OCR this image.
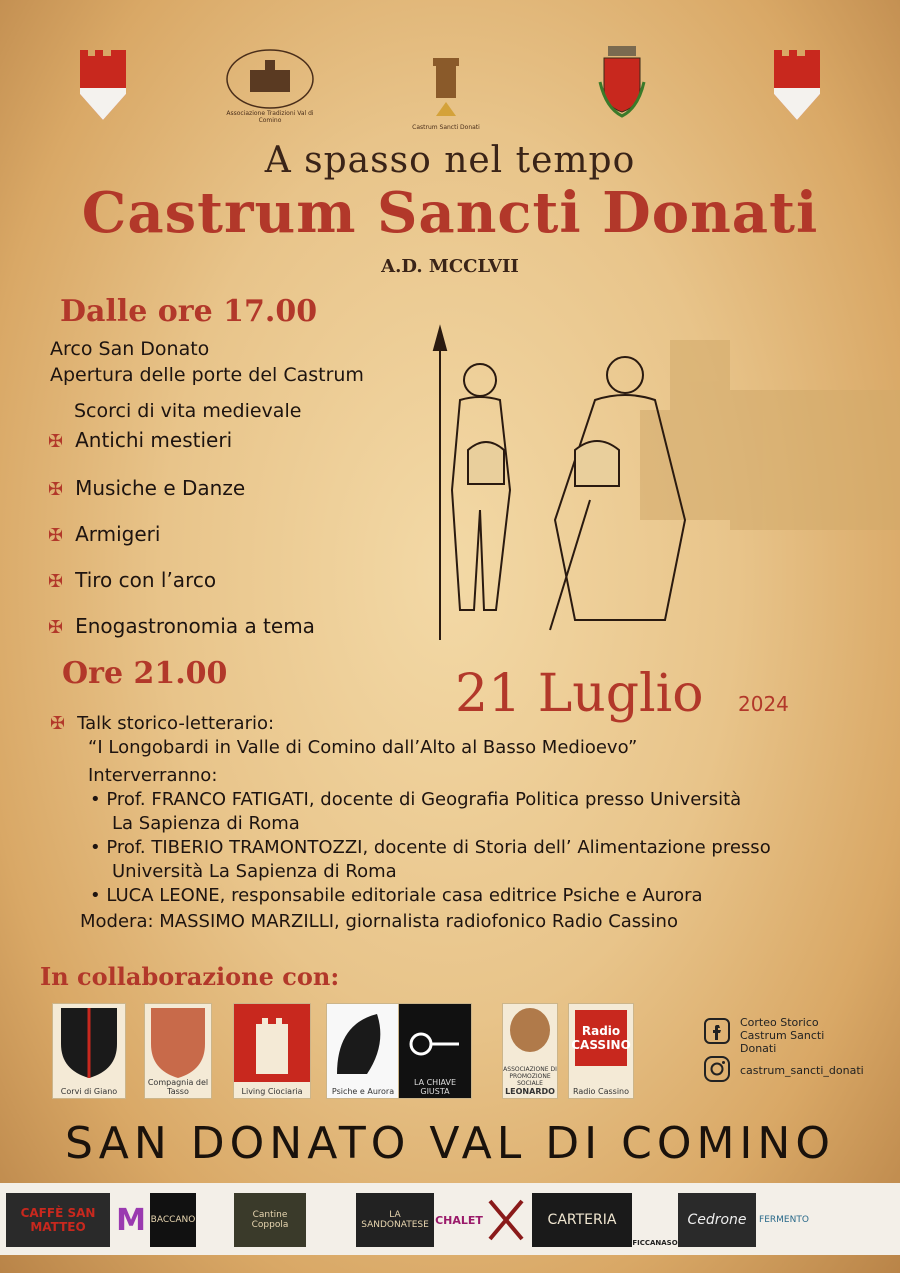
Associazione Tradizioni Val di Comino
Castrum Sancti Donati
A spasso nel tempo
Castrum Sancti Donati
A.D. MCCLVII
Dalle ore 17.00
Arco San Donato
Apertura delle porte del Castrum
Scorci di vita medievale
✠ Antichi mestieri
✠ Musiche e Danze
✠ Armigeri
✠ Tiro con l’arco
✠ Enogastronomia a tema
Ore 21.00	21 Luglio 2024
✠ Talk storico-letterario:
“I Longobardi in Valle di Comino dall’Alto al Basso Medioevo”
Interverranno:
• Prof. FRANCO FATIGATI, docente di Geografia Politica presso Università
La Sapienza di Roma
• Prof. TIBERIO TRAMONTOZZI, docente di Storia dell’ Alimentazione presso
Università La Sapienza di Roma
• LUCA LEONE, responsabile editoriale casa editrice Psiche e Aurora
Modera: MASSIMO MARZILLI, giornalista radiofonico Radio Cassino
In collaborazione con:
Corvi di Giano
Compagnia del Tasso	Living Ciociaria	Psiche e Aurora
LA CHIAVE GIUSTA
ASSOCIAZIONE DI PROMOZIONE SOCIALE
LEONARDO
Radio CASSINO
Radio Cassino
Corteo Storico Castrum Sancti Donati
castrum_sancti_donati
SAN DONATO VAL DI COMINO
CAFFÈ SAN MATTEO	M BACCANO	Cantine Coppola
LA SANDONATESE CHALET	CARTERIA
FICCANASO
Cedrone	FERMENTO
